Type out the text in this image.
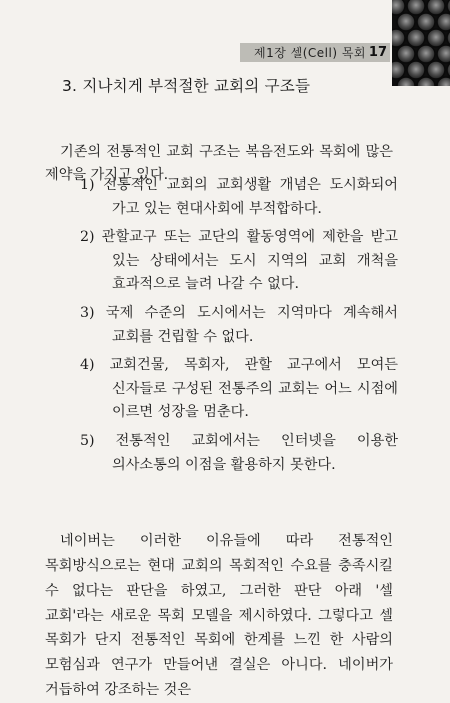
제1장 셀(Cell) 목회 17
3. 지나치게 부적절한 교회의 구조들

기존의 전통적인 교회 구조는 복음전도와 목회에 많은 제약을 가지고 있다.

1) 전통적인 교회의 교회생활 개념은 도시화되어 가고 있는 현대사회에 부적합하다.

2) 관할교구 또는 교단의 활동영역에 제한을 받고 있는 상태에서는 도시 지역의 교회 개척을 효과적으로 늘려 나갈 수 없다.

3) 국제 수준의 도시에서는 지역마다 계속해서 교회를 건립할 수 없다.

4) 교회건물, 목회자, 관할 교구에서 모여든 신자들로 구성된 전통주의 교회는 어느 시점에 이르면 성장을 멈춘다.

5) 전통적인 교회에서는 인터넷을 이용한 의사소통의 이점을 활용하지 못한다.

네이버는 이러한 이유들에 따라 전통적인 목회방식으로는 현대 교회의 목회적인 수요를 충족시킬 수 없다는 판단을 하였고, 그러한 판단 아래 '셀 교회'라는 새로운 목회 모델을 제시하였다. 그렇다고 셀 목회가 단지 전통적인 목회에 한계를 느낀 한 사람의 모험심과 연구가 만들어낸 결실은 아니다. 네이버가 거듭하여 강조하는 것은
